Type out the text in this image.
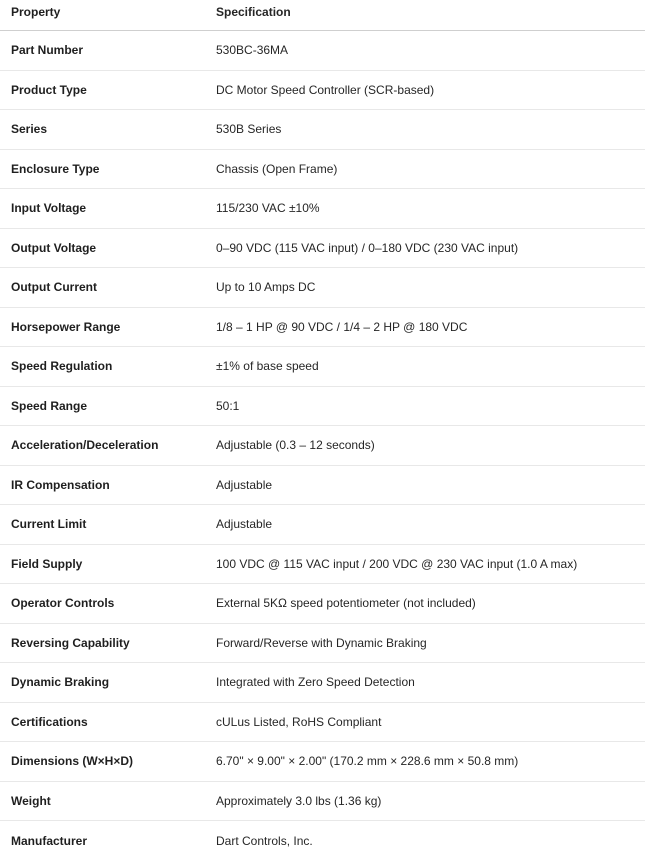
Property	Specification
Part Number	530BC-36MA
Product Type	DC Motor Speed Controller (SCR-based)
Series	530B Series
Enclosure Type	Chassis (Open Frame)
Input Voltage	115/230 VAC ±10%
Output Voltage	0–90 VDC (115 VAC input) / 0–180 VDC (230 VAC input)
Output Current	Up to 10 Amps DC
Horsepower Range	1/8 – 1 HP @ 90 VDC / 1/4 – 2 HP @ 180 VDC
Speed Regulation	±1% of base speed
Speed Range	50:1
Acceleration/Deceleration	Adjustable (0.3 – 12 seconds)
IR Compensation	Adjustable
Current Limit	Adjustable
Field Supply	100 VDC @ 115 VAC input / 200 VDC @ 230 VAC input (1.0 A max)
Operator Controls	External 5KΩ speed potentiometer (not included)
Reversing Capability	Forward/Reverse with Dynamic Braking
Dynamic Braking	Integrated with Zero Speed Detection
Certifications	cULus Listed, RoHS Compliant
Dimensions (W×H×D)	6.70" × 9.00" × 2.00" (170.2 mm × 228.6 mm × 50.8 mm)
Weight	Approximately 3.0 lbs (1.36 kg)
Manufacturer	Dart Controls, Inc.
